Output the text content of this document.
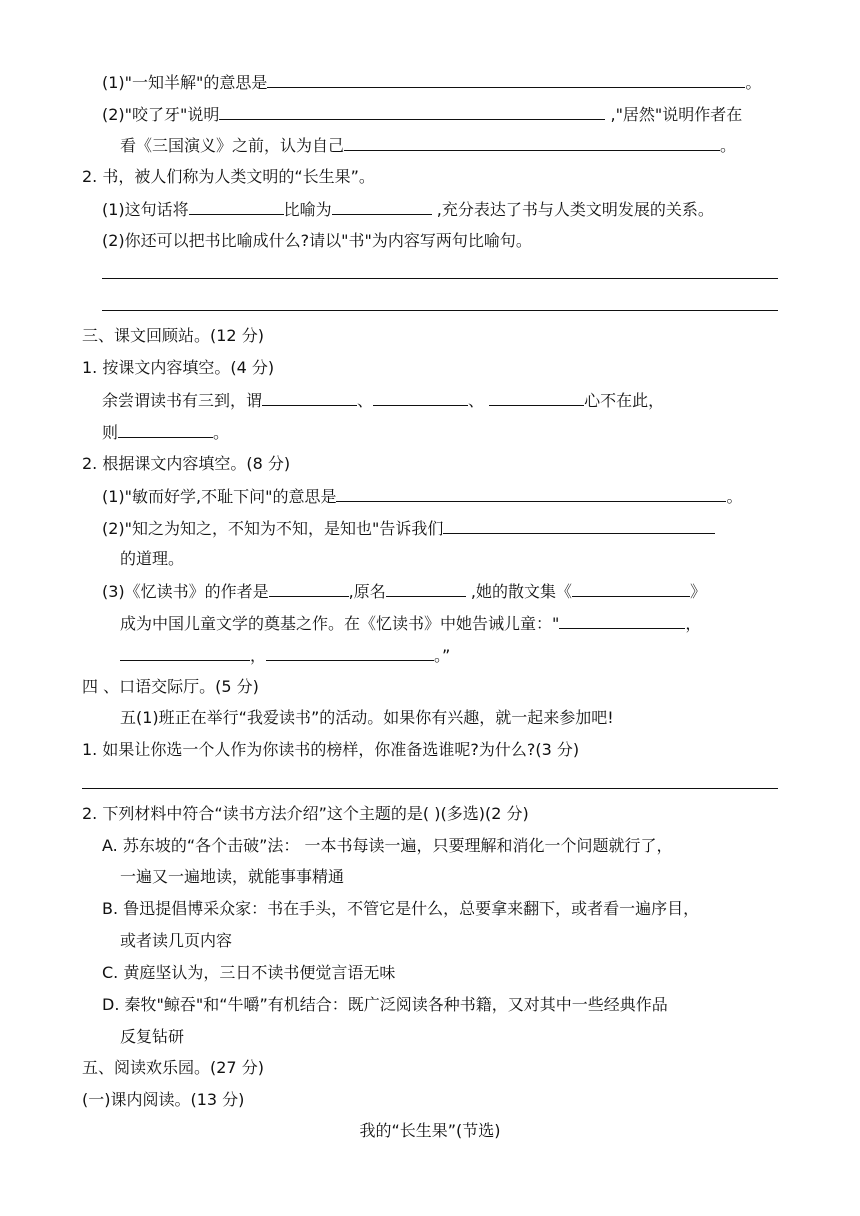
(1)"一知半解"的意思是	。
(2)"咬了牙"说明	,"居然"说明作者在
看《三国演义》之前，认为自己	。
2. 书，被人们称为人类文明的“长生果”。
(1)这句话将	比喻为	,充分表达了书与人类文明发展的关系。
(2)你还可以把书比喻成什么?请以"书"为内容写两句比喻句。
三、课文回顾站。(12 分)
1. 按课文内容填空。(4 分)
余尝谓读书有三到，谓	、	、	心不在此，
则	。
2. 根据课文内容填空。(8 分)
(1)"敏而好学,不耻下问"的意思是	。
(2)"知之为知之，不知为不知，是知也"告诉我们
的道理。
(3)《忆读书》的作者是	,原名	,她的散文集《	》
成为中国儿童文学的奠基之作。在《忆读书》中她告诫儿童："	，
，	。”
四 、口语交际厅。(5 分)
五(1)班正在举行“我爱读书”的活动。如果你有兴趣，就一起来参加吧!
1. 如果让你选一个人作为你读书的榜样，你准备选谁呢?为什么?(3 分)
2. 下列材料中符合“读书方法介绍”这个主题的是( )(多选)(2 分)
A. 苏东坡的“各个击破”法： 一本书每读一遍，只要理解和消化一个问题就行了，
一遍又一遍地读，就能事事精通
B. 鲁迅提倡博采众家：书在手头，不管它是什么，总要拿来翻下，或者看一遍序目，
或者读几页内容
C. 黄庭坚认为，三日不读书便觉言语无味
D. 秦牧"鲸吞"和“牛嚼”有机结合：既广泛阅读各种书籍，又对其中一些经典作品
反复钻研
五、阅读欢乐园。(27 分)
(一)课内阅读。(13 分)
我的“长生果”(节选)
